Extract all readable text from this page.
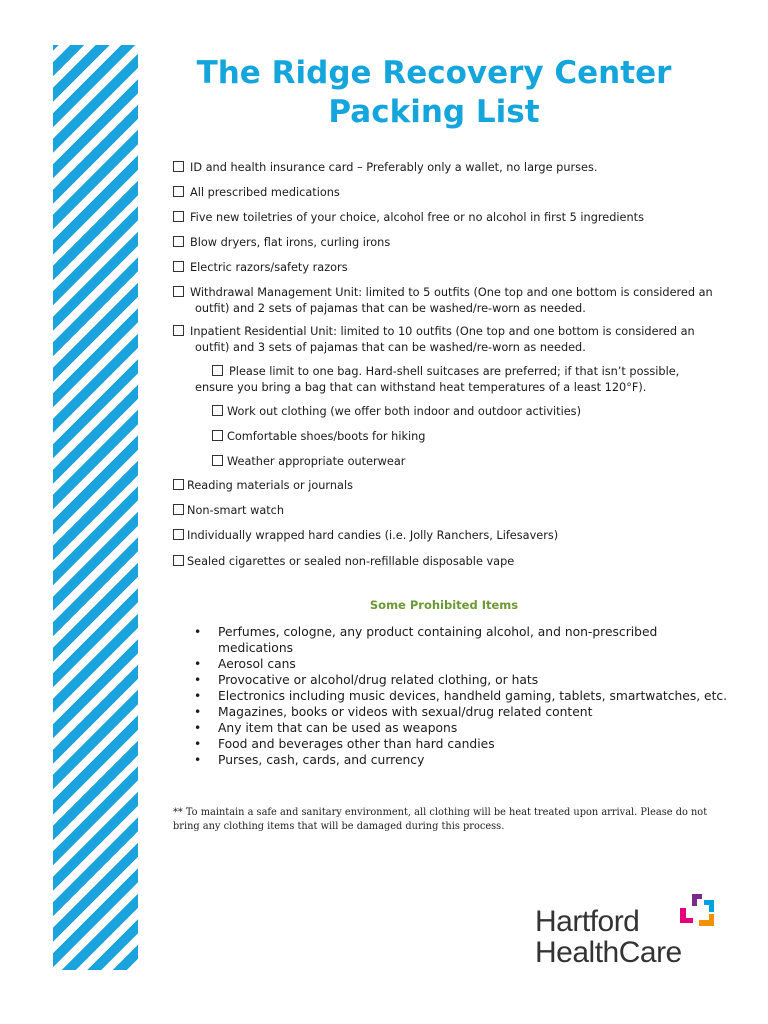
The Ridge Recovery Center
Packing List
ID and health insurance card – Preferably only a wallet, no large purses.
All prescribed medications
Five new toiletries of your choice, alcohol free or no alcohol in first 5 ingredients
Blow dryers, flat irons, curling irons
Electric razors/safety razors
Withdrawal Management Unit: limited to 5 outfits (One top and one bottom is considered an
outfit) and 2 sets of pajamas that can be washed/re-worn as needed.
Inpatient Residential Unit: limited to 10 outfits (One top and one bottom is considered an
outfit) and 3 sets of pajamas that can be washed/re-worn as needed.
Please limit to one bag. Hard-shell suitcases are preferred; if that isn’t possible,
ensure you bring a bag that can withstand heat temperatures of a least 120°F).
Work out clothing (we offer both indoor and outdoor activities)
Comfortable shoes/boots for hiking
Weather appropriate outerwear
Reading materials or journals
Non-smart watch
Individually wrapped hard candies (i.e. Jolly Ranchers, Lifesavers)
Sealed cigarettes or sealed non-refillable disposable vape
Some Prohibited Items
• Perfumes, cologne, any product containing alcohol, and non-prescribed medications
• Aerosol cans
• Provocative or alcohol/drug related clothing, or hats
• Electronics including music devices, handheld gaming, tablets, smartwatches, etc.
• Magazines, books or videos with sexual/drug related content
• Any item that can be used as weapons
• Food and beverages other than hard candies
• Purses, cash, cards, and currency
** To maintain a safe and sanitary environment, all clothing will be heat treated upon arrival. Please do not bring any clothing items that will be damaged during this process.
Hartford
HealthCare
